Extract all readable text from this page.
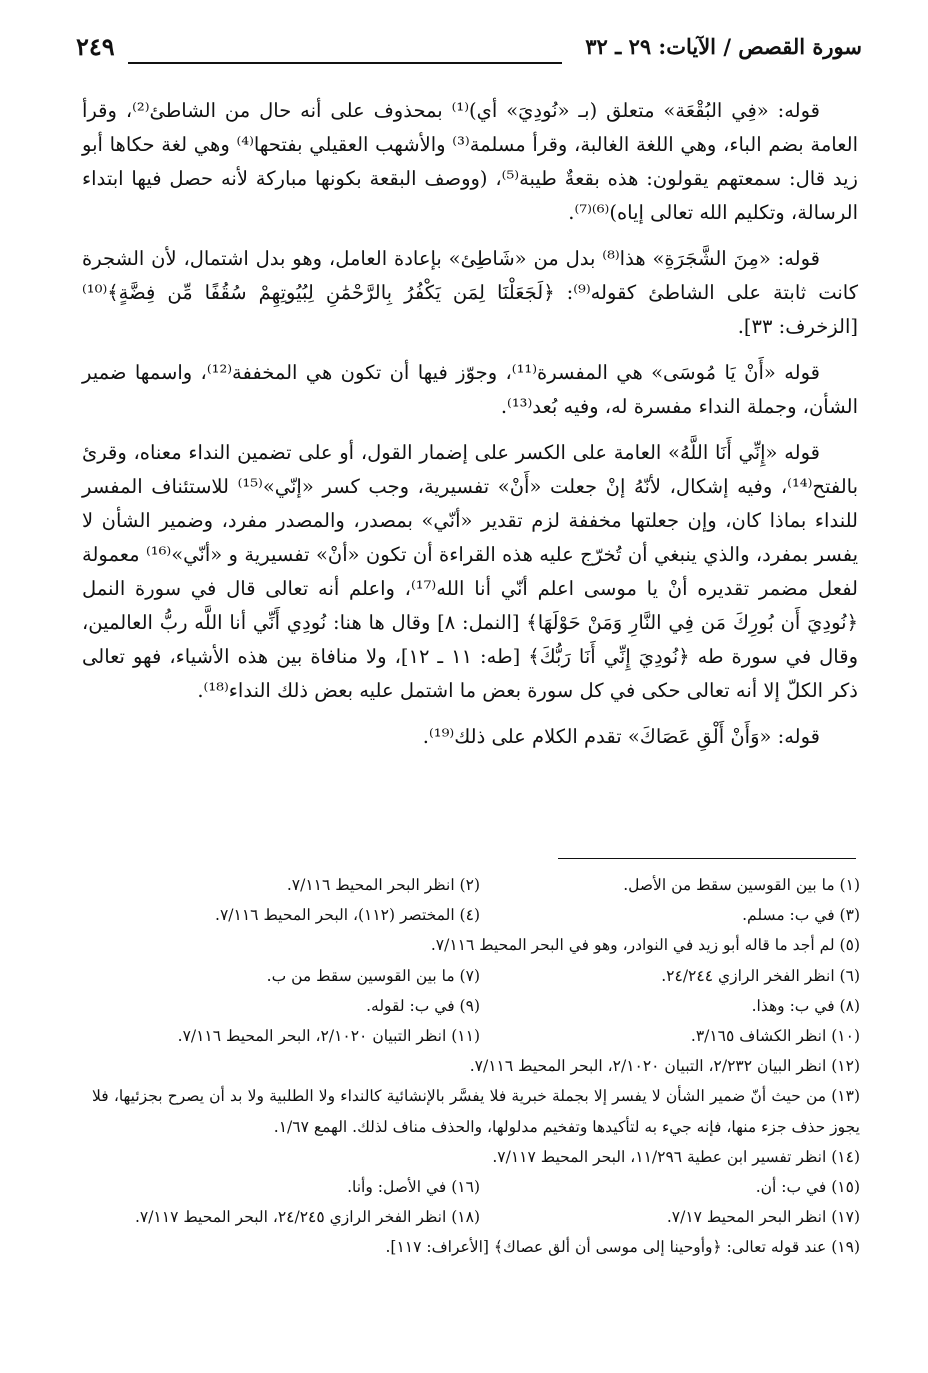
سورة القصص / الآيات: ٢٩ ـ ٣٢
٢٤٩

قوله: «فِي البُقْعَة» متعلق (بـ «نُودِيَ» أي)⁽¹⁾ بمحذوف على أنه حال من الشاطئ⁽²⁾، وقرأ العامة بضم الباء، وهي اللغة الغالبة، وقرأ مسلمة⁽³⁾ والأشهب العقيلي بفتحها⁽⁴⁾ وهي لغة حكاها أبو زيد قال: سمعتهم يقولون: هذه بقعةٌ طيبة⁽⁵⁾، (ووصف البقعة بكونها مباركة لأنه حصل فيها ابتداء الرسالة، وتكليم الله تعالى إياه)⁽⁶⁾⁽⁷⁾.

قوله: «مِنَ الشَّجَرَةِ» هذا⁽⁸⁾ بدل من «شَاطِئ» بإعادة العامل، وهو بدل اشتمال، لأن الشجرة كانت ثابتة على الشاطئ كقوله⁽⁹⁾: ﴿لَجَعَلْنَا لِمَن يَكْفُرُ بِالرَّحْمَٰنِ لِبُيُوتِهِمْ سُقُفًا مِّن فِضَّةٍ﴾⁽¹⁰⁾ [الزخرف: ٣٣].

قوله «أَنْ يَا مُوسَى» هي المفسرة⁽¹¹⁾، وجوّز فيها أن تكون هي المخففة⁽¹²⁾، واسمها ضمير الشأن، وجملة النداء مفسرة له، وفيه بُعد⁽¹³⁾.

قوله «إِنِّي أَنَا اللَّهُ» العامة على الكسر على إضمار القول، أو على تضمين النداء معناه، وقرئ بالفتح⁽¹⁴⁾، وفيه إشكال، لأنّهُ إنْ جعلت «أَنْ» تفسيرية، وجب كسر «إنّي»⁽¹⁵⁾ للاستئناف المفسر للنداء بماذا كان، وإن جعلتها مخففة لزم تقدير «أنّي» بمصدر، والمصدر مفرد، وضمير الشأن لا يفسر بمفرد، والذي ينبغي أن تُخرّج عليه هذه القراءة أن تكون «أنْ» تفسيرية و «أنّي»⁽¹⁶⁾ معمولة لفعل مضمر تقديره أنْ يا موسى اعلم أنّي أنا الله⁽¹⁷⁾، واعلم أنه تعالى قال في سورة النمل ﴿نُودِيَ أَن بُورِكَ مَن فِي النَّارِ وَمَنْ حَوْلَهَا﴾ [النمل: ٨] وقال ها هنا: نُودِي أَنِّي أنا اللَّه ربُّ العالمين، وقال في سورة طه ﴿نُودِيَ إِنِّي أَنَا رَبُّكَ﴾ [طه: ١١ ـ ١٢]، ولا منافاة بين هذه الأشياء، فهو تعالى ذكر الكلّ إلا أنه تعالى حكى في كل سورة بعض ما اشتمل عليه بعض ذلك النداء⁽¹⁸⁾.

قوله: «وَأَنْ أَلْقِ عَصَاكَ» تقدم الكلام على ذلك⁽¹⁹⁾.

(١) ما بين القوسين سقط من الأصل.
(٢) انظر البحر المحيط ٧/١١٦.
(٣) في ب: مسلم.
(٤) المختصر (١١٢)، البحر المحيط ٧/١١٦.
(٥) لم أجد ما قاله أبو زيد في النوادر، وهو في البحر المحيط ٧/١١٦.
(٦) انظر الفخر الرازي ٢٤/٢٤٤.
(٧) ما بين القوسين سقط من ب.
(٨) في ب: وهذا.
(٩) في ب: لقوله.
(١٠) انظر الكشاف ٣/١٦٥.
(١١) انظر التبيان ٢/١٠٢٠، البحر المحيط ٧/١١٦.
(١٢) انظر البيان ٢/٢٣٢، التبيان ٢/١٠٢٠، البحر المحيط ٧/١١٦.
(١٣) من حيث أنّ ضمير الشأن لا يفسر إلا بجملة خبرية فلا يفسَّر بالإنشائية كالنداء ولا الطلبية ولا بد أن يصرح بجزئيها، فلا يجوز حذف جزء منها، فإنه جيء به لتأكيدها وتفخيم مدلولها، والحذف مناف لذلك. الهمع ١/٦٧.
(١٤) انظر تفسير ابن عطية ١١/٢٩٦، البحر المحيط ٧/١١٧.
(١٥) في ب: أن.
(١٦) في الأصل: وأنا.
(١٧) انظر البحر المحيط ٧/١٧.
(١٨) انظر الفخر الرازي ٢٤/٢٤٥، البحر المحيط ٧/١١٧.
(١٩) عند قوله تعالى: ﴿وأوحينا إلى موسى أن ألق عصاك﴾ [الأعراف: ١١٧].
